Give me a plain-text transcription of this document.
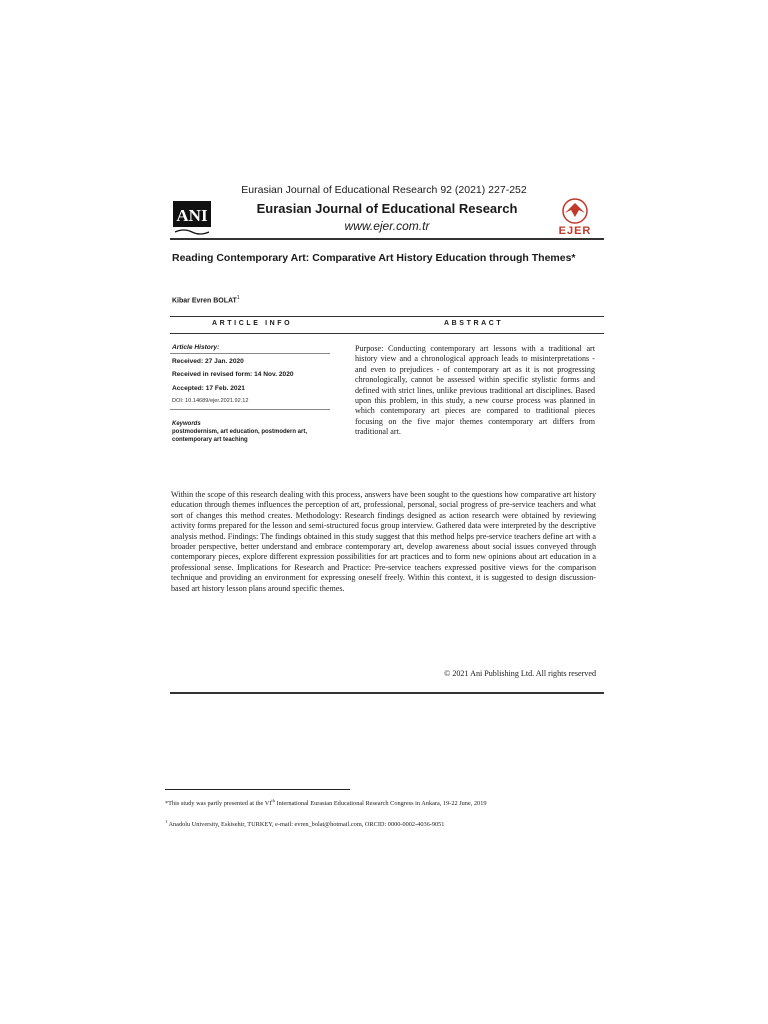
Eurasian Journal of Educational Research 92 (2021) 227-252
ANI	Eurasian Journal of Educational Research
www.ejer.com.tr	EJER
Reading Contemporary Art: Comparative Art History Education through Themes*
Kibar Evren BOLAT$^1$
ARTICLE INFO	ABSTRACT
Article History:
Received: 27 Jan. 2020
Received in revised form: 14 Nov. 2020
Accepted: 17 Feb. 2021
DOI: 10.14689/ejer.2021.92.12
Keywords
postmodernism, art education, postmodern art, contemporary art teaching
Purpose: Conducting contemporary art lessons with a traditional art history view and a chronological approach leads to misinterpretations - and even to prejudices - of contemporary art as it is not progressing chronologically, cannot be assessed within specific stylistic forms and defined with strict lines, unlike previous traditional art disciplines. Based upon this problem, in this study, a new course process was planned in which contemporary art pieces are compared to traditional pieces focusing on the five major themes contemporary art differs from traditional art.
Within the scope of this research dealing with this process, answers have been sought to the questions how comparative art history education through themes influences the perception of art, professional, personal, social progress of pre-service teachers and what sort of changes this method creates. Methodology: Research findings designed as action research were obtained by reviewing activity forms prepared for the lesson and semi-structured focus group interview. Gathered data were interpreted by the descriptive analysis method. Findings: The findings obtained in this study suggest that this method helps pre-service teachers define art with a broader perspective, better understand and embrace contemporary art, develop awareness about social issues conveyed through contemporary pieces, explore different expression possibilities for art practices and to form new opinions about art education in a professional sense. Implications for Research and Practice: Pre-service teachers expressed positive views for the comparison technique and providing an environment for expressing oneself freely. Within this context, it is suggested to design discussion-based art history lesson plans around specific themes.
© 2021 Ani Publishing Ltd. All rights reserved
*This study was partly presented at the VIth International Eurasian Educational Research Congress in Ankara, 19-22 June, 2019
$^1$ Anadolu University, Eskisehir, TURKEY, e-mail: evren_bolat@hotmail.com, ORCID: 0000-0002-4036-9051
